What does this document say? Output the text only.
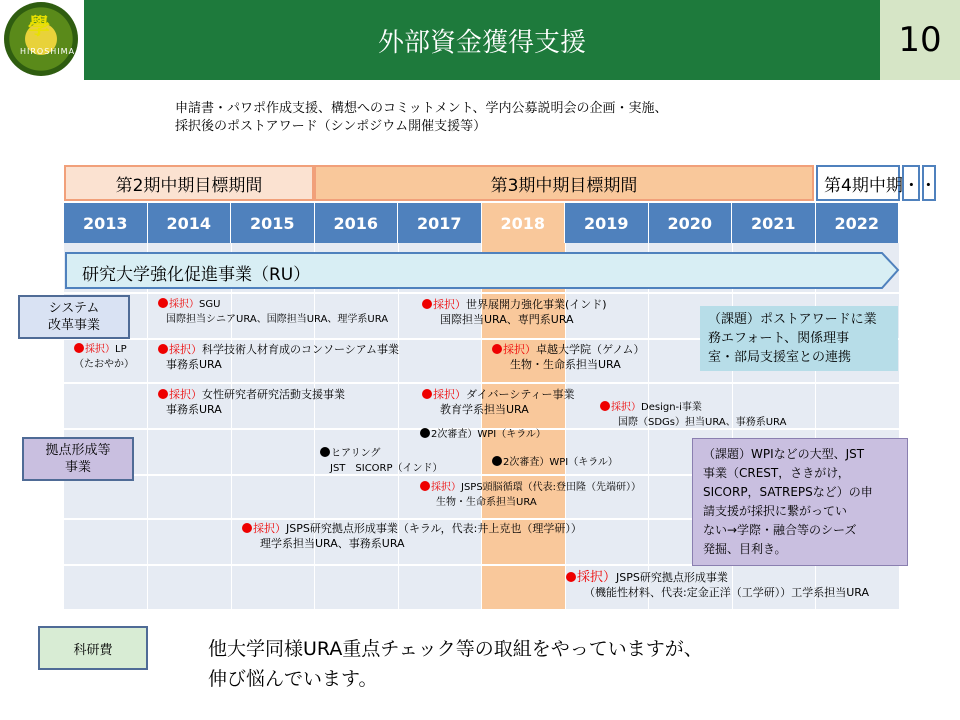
學
HIROSHIMA	外部資金獲得支援	10
申請書・パワポ作成支援、構想へのコミットメント、学内公募説明会の企画・実施、
採択後のポストアワード（シンポジウム開催支援等）
第2期中期目標期間	第3期中期目標期間	第4期中期・・
2013	2014	2015	2016	2017	2018	2019	2020	2021	2022
研究大学強化促進事業（RU）
システム
改革事業
拠点形成等
事業
採択）LP
（たおやか）
採択）SGU
国際担当シニアURA、国際担当URA、理学系URA
採択）科学技術人材育成のコンソーシアム事業
事務系URA
採択）女性研究者研究活動支援事業
事務系URA
採択）世界展開力強化事業(インド)
国際担当URA、専門系URA
採択）卓越大学院（ゲノム）
生物・生命系担当URA
採択）ダイバーシティー事業
教育学系担当URA	採択）Design-i事業
国際（SDGs）担当URA、事務系URA
2次審査）WPI（キラル）
ヒアリング
JST　SICORP（インド）
2次審査）WPI（キラル）
採択）JSPS頭脳循環（代表:登田隆（先端研））
生物・生命系担当URA
採択）JSPS研究拠点形成事業（キラル，代表:井上克也（理学研））
理学系担当URA、事務系URA
採択）JSPS研究拠点形成事業
（機能性材料、代表:定金正洋（工学研））工学系担当URA
（課題）ポストアワードに業
務エフォート、関係理事
室・部局支援室との連携
（課題）WPIなどの大型、JST
事業（CREST，さきがけ，
SICORP，SATREPSなど）の申
請支援が採択に繋がってい
ない→学際・融合等のシーズ
発掘、目利き。
科研費	他大学同様URA重点チェック等の取組をやっていますが、
伸び悩んでいます。
